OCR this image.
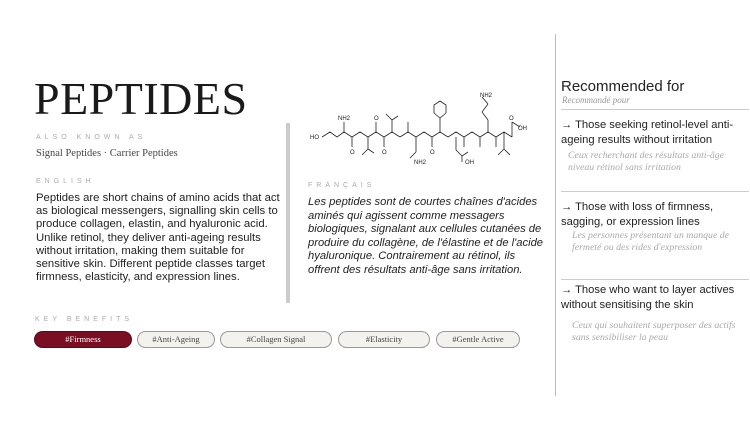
PEPTIDES
ALSO KNOWN AS
Signal Peptides · Carrier Peptides
ENGLISH
Peptides are short chains of amino acids that act as biological messengers, signalling skin cells to produce collagen, elastin, and hyaluronic acid. Unlike retinol, they deliver anti-ageing results without irritation, making them suitable for sensitive skin. Different peptide classes target firmness, elasticity, and expression lines.
HO
NH2
O
O
O
NH2
O
OH
NH2
OH
O
FRANÇAIS
Les peptides sont de courtes chaînes d'acides aminés qui agissent comme messagers biologiques, signalant aux cellules cutanées de produire du collagène, de l'élastine et de l'acide hyaluronique. Contrairement au rétinol, ils offrent des résultats anti-âge sans irritation.
KEY BENEFITS
#Firmness	#Anti-Ageing	#Collagen Signal	#Elasticity	#Gentle Active
Recommended for
Recommandé pour
→ Those seeking retinol-level anti-ageing results without irritation
Ceux recherchant des résultats anti-âge niveau rétinol sans irritation
→ Those with loss of firmness, sagging, or expression lines
Les personnes présentant un manque de fermeté ou des rides d'expression
→ Those who want to layer actives without sensitising the skin
Ceux qui souhaitent superposer des actifs sans sensibiliser la peau
